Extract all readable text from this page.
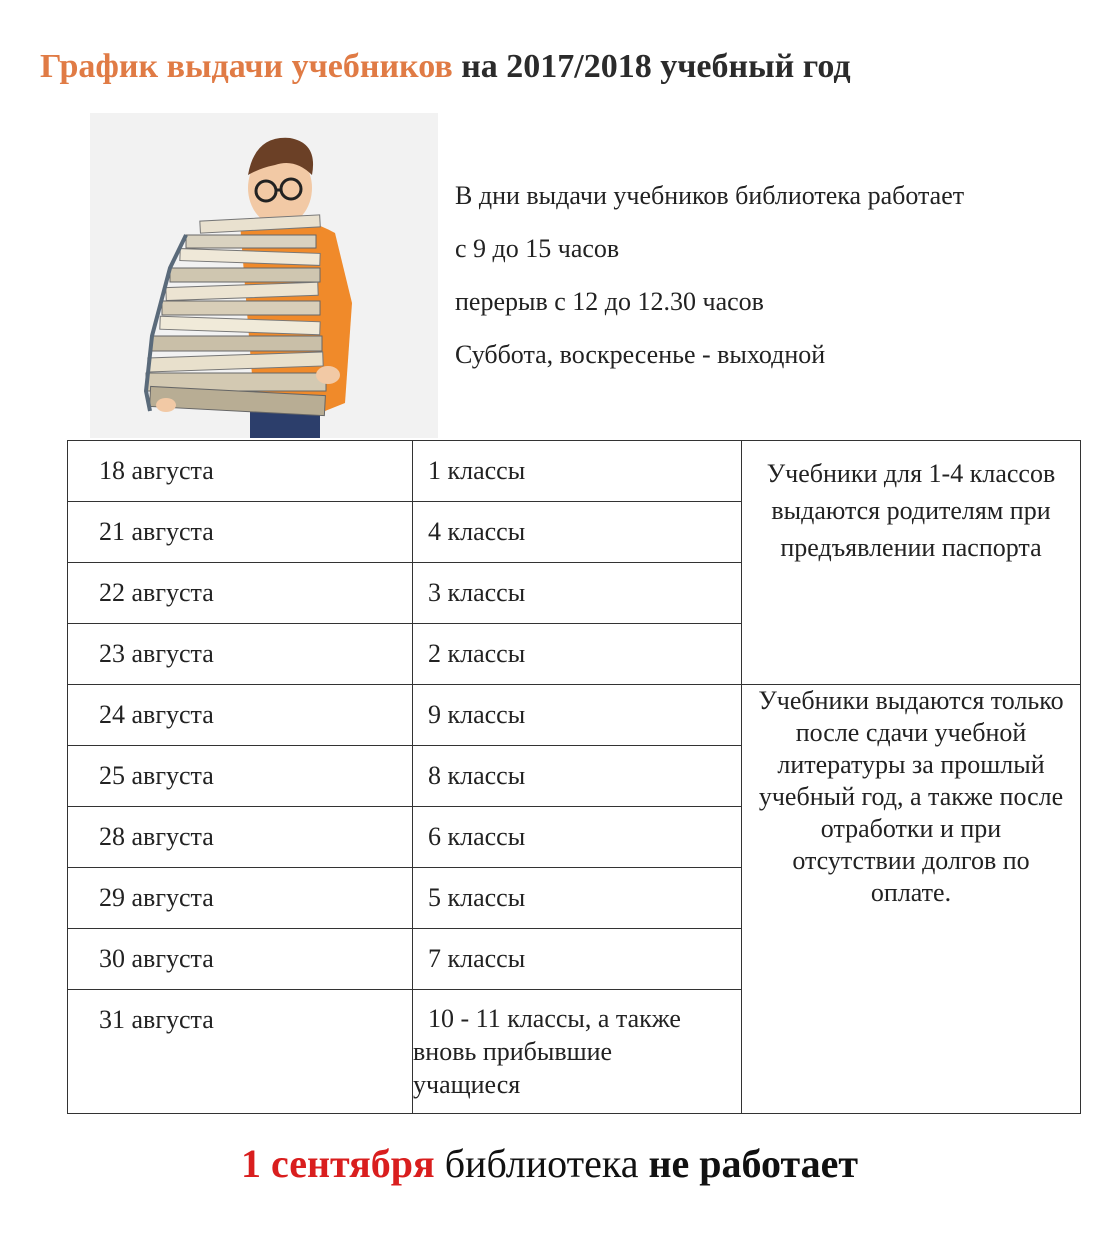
График выдачи учебников на 2017/2018 учебный год
В дни выдачи учебников библиотека работает
с 9 до 15 часов
перерыв с 12 до 12.30 часов
Суббота, воскресенье - выходной
18 августа	1 классы	Учебники для 1-4 классов выдаются родителям при предъявлении паспорта
21 августа	4 классы	
22 августа	3 классы	
23 августа	2 классы	
24 августа	9 классы	Учебники выдаются только после сдачи учебной литературы за прошлый учебный год, а также после отработки и при отсутствии долгов по оплате.
25 августа	8 классы	
28 августа	6 классы	
29 августа	5 классы	
30 августа	7 классы	
31 августа	10 - 11 классы, а также
вновь прибывшие
учащиеся	
1 сентября библиотека не работает
